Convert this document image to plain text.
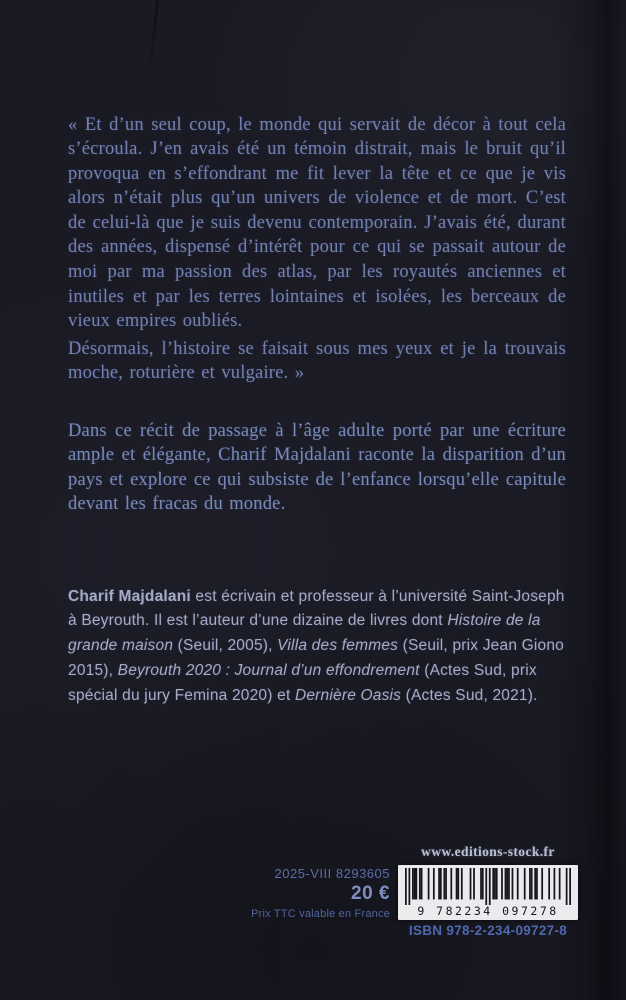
« Et d’un seul coup, le monde qui servait de décor à tout cela s’écroula. J’en avais été un témoin distrait, mais le bruit qu’il provoqua en s’effondrant me fit lever la tête et ce que je vis alors n’était plus qu’un univers de violence et de mort. C’est de celui-là que je suis devenu contemporain. J’avais été, durant des années, dispensé d’intérêt pour ce qui se passait autour de moi par ma passion des atlas, par les royautés anciennes et inutiles et par les terres lointaines et isolées, les berceaux de vieux empires oubliés.

Désormais, l’histoire se faisait sous mes yeux et je la trouvais moche, roturière et vulgaire. »

Dans ce récit de passage à l’âge adulte porté par une écriture ample et élégante, Charif Majdalani raconte la disparition d’un pays et explore ce qui subsiste de l’enfance lorsqu’elle capitule devant les fracas du monde.

Charif Majdalani est écrivain et professeur à l’université Saint-Joseph à Beyrouth. Il est l’auteur d’une dizaine de livres dont Histoire de la grande maison (Seuil, 2005), Villa des femmes (Seuil, prix Jean Giono 2015), Beyrouth 2020 : Journal d’un effondrement (Actes Sud, prix spécial du jury Femina 2020) et Dernière Oasis (Actes Sud, 2021).

www.editions-stock.fr
9 782234 097278
ISBN 978-2-234-09727-8
2025-VIII 8293605
20 €
Prix TTC valable en France
